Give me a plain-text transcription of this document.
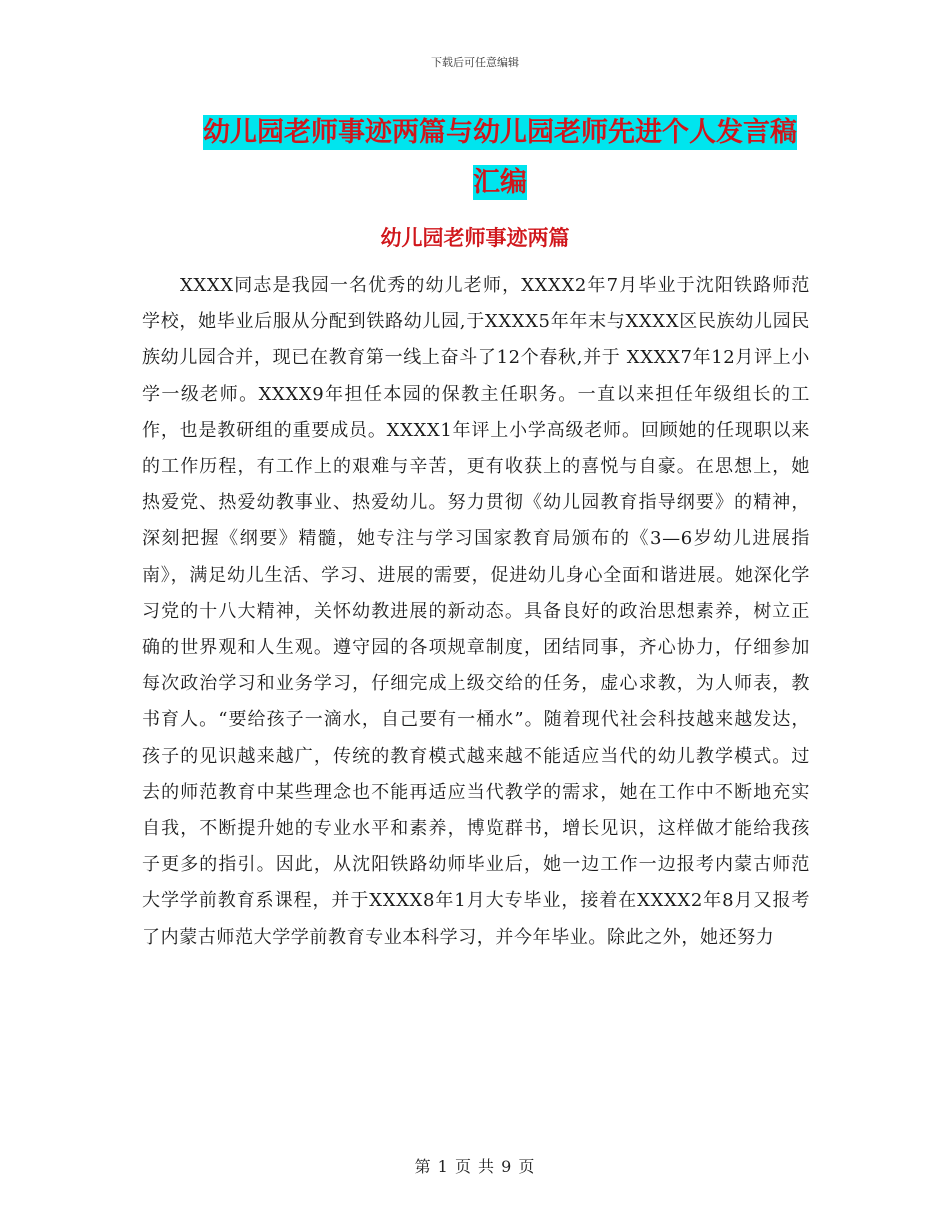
下载后可任意编辑
幼儿园老师事迹两篇与幼儿园老师先进个人发言稿汇编
幼儿园老师事迹两篇

XXXX同志是我园一名优秀的幼儿老师，XXXX2年7月毕业于沈阳铁路师范学校，她毕业后服从分配到铁路幼儿园,于XXXX5年年末与XXXX区民族幼儿园民族幼儿园合并，现已在教育第一线上奋斗了12个春秋,并于 XXXX7年12月评上小学一级老师。XXXX9年担任本园的保教主任职务。一直以来担任年级组长的工作，也是教研组的重要成员。XXXX1年评上小学高级老师。回顾她的任现职以来的工作历程，有工作上的艰难与辛苦，更有收获上的喜悦与自豪。在思想上，她热爱党、热爱幼教事业、热爱幼儿。努力贯彻《幼儿园教育指导纲要》的精神，深刻把握《纲要》精髓，她专注与学习国家教育局颁布的《3—6岁幼儿进展指南》，满足幼儿生活、学习、进展的需要，促进幼儿身心全面和谐进展。她深化学习党的十八大精神，关怀幼教进展的新动态。具备良好的政治思想素养，树立正确的世界观和人生观。遵守园的各项规章制度，团结同事，齐心协力，仔细参加每次政治学习和业务学习，仔细完成上级交给的任务，虚心求教，为人师表，教书育人。“要给孩子一滴水，自己要有一桶水”。随着现代社会科技越来越发达，孩子的见识越来越广，传统的教育模式越来越不能适应当代的幼儿教学模式。过去的师范教育中某些理念也不能再适应当代教学的需求，她在工作中不断地充实自我，不断提升她的专业水平和素养，博览群书，增长见识，这样做才能给我孩子更多的指引。因此，从沈阳铁路幼师毕业后，她一边工作一边报考内蒙古师范大学学前教育系课程，并于XXXX8年1月大专毕业，接着在XXXX2年8月又报考了内蒙古师范大学学前教育专业本科学习，并今年毕业。除此之外，她还努力

第 1 页 共 9 页
